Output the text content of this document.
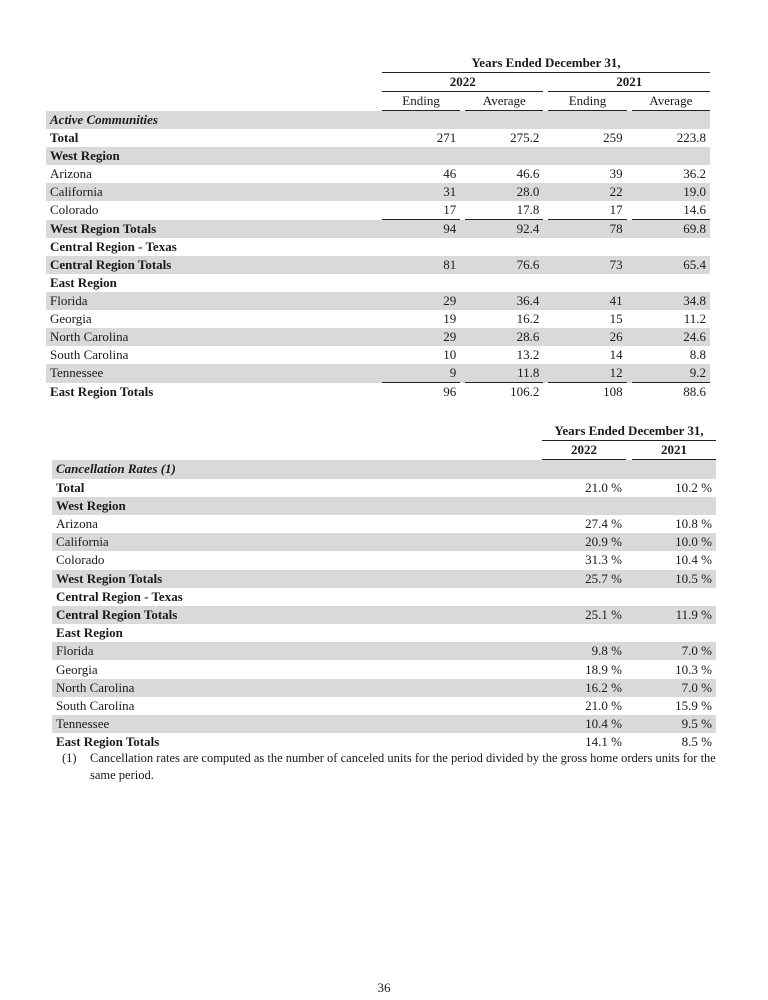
	Years Ended December 31,						
	2022				2021		
	Ending		Average		Ending		Average
Active Communities							
Total	271		275.2		259		223.8
West Region							
Arizona	46		46.6		39		36.2
California	31		28.0		22		19.0
Colorado	17		17.8		17		14.6
West Region Totals	94		92.4		78		69.8
Central Region - Texas							
Central Region Totals	81		76.6		73		65.4
East Region							
Florida	29		36.4		41		34.8
Georgia	19		16.2		15		11.2
North Carolina	29		28.6		26		24.6
South Carolina	10		13.2		14		8.8
Tennessee	9		11.8		12		9.2
East Region Totals	96		106.2		108		88.6
	Years Ended December 31,		
	2022		2021
Cancellation Rates (1)			
Total	21.0 %		10.2 %
West Region			
Arizona	27.4 %		10.8 %
California	20.9 %		10.0 %
Colorado	31.3 %		10.4 %
West Region Totals	25.7 %		10.5 %
Central Region - Texas			
Central Region Totals	25.1 %		11.9 %
East Region			
Florida	9.8 %		7.0 %
Georgia	18.9 %		10.3 %
North Carolina	16.2 %		7.0 %
South Carolina	21.0 %		15.9 %
Tennessee	10.4 %		9.5 %
East Region Totals	14.1 %		8.5 %
(1)	Cancellation rates are computed as the number of canceled units for the period divided by the gross home orders units for the same period.
36
